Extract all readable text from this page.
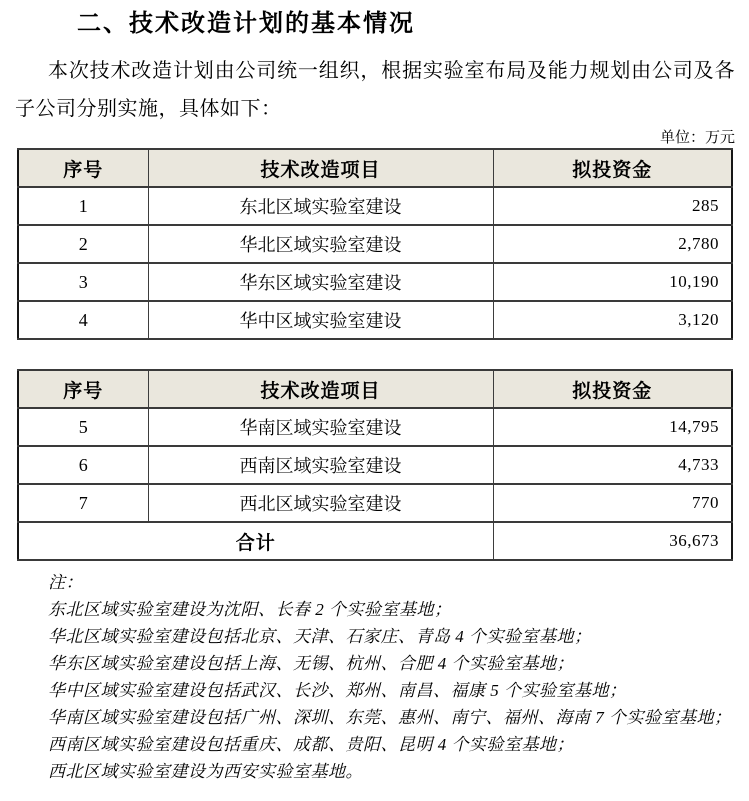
二、技术改造计划的基本情况

本次技术改造计划由公司统一组织，根据实验室布局及能力规划由公司及各
子公司分别实施，具体如下：

单位：万元
序号	技术改造项目	拟投资金
1	东北区域实验室建设	285
2	华北区域实验室建设	2,780
3	华东区域实验室建设	10,190
4	华中区域实验室建设	3,120
序号	技术改造项目	拟投资金
5	华南区域实验室建设	14,795
6	西南区域实验室建设	4,733
7	西北区域实验室建设	770
合计		36,673
注：
东北区域实验室建设为沈阳、长春 2 个实验室基地；
华北区域实验室建设包括北京、天津、石家庄、青岛 4 个实验室基地；
华东区域实验室建设包括上海、无锡、杭州、合肥 4 个实验室基地；
华中区域实验室建设包括武汉、长沙、郑州、南昌、福康 5 个实验室基地；
华南区域实验室建设包括广州、深圳、东莞、惠州、南宁、福州、海南 7 个实验室基地；
西南区域实验室建设包括重庆、成都、贵阳、昆明 4 个实验室基地；
西北区域实验室建设为西安实验室基地。
